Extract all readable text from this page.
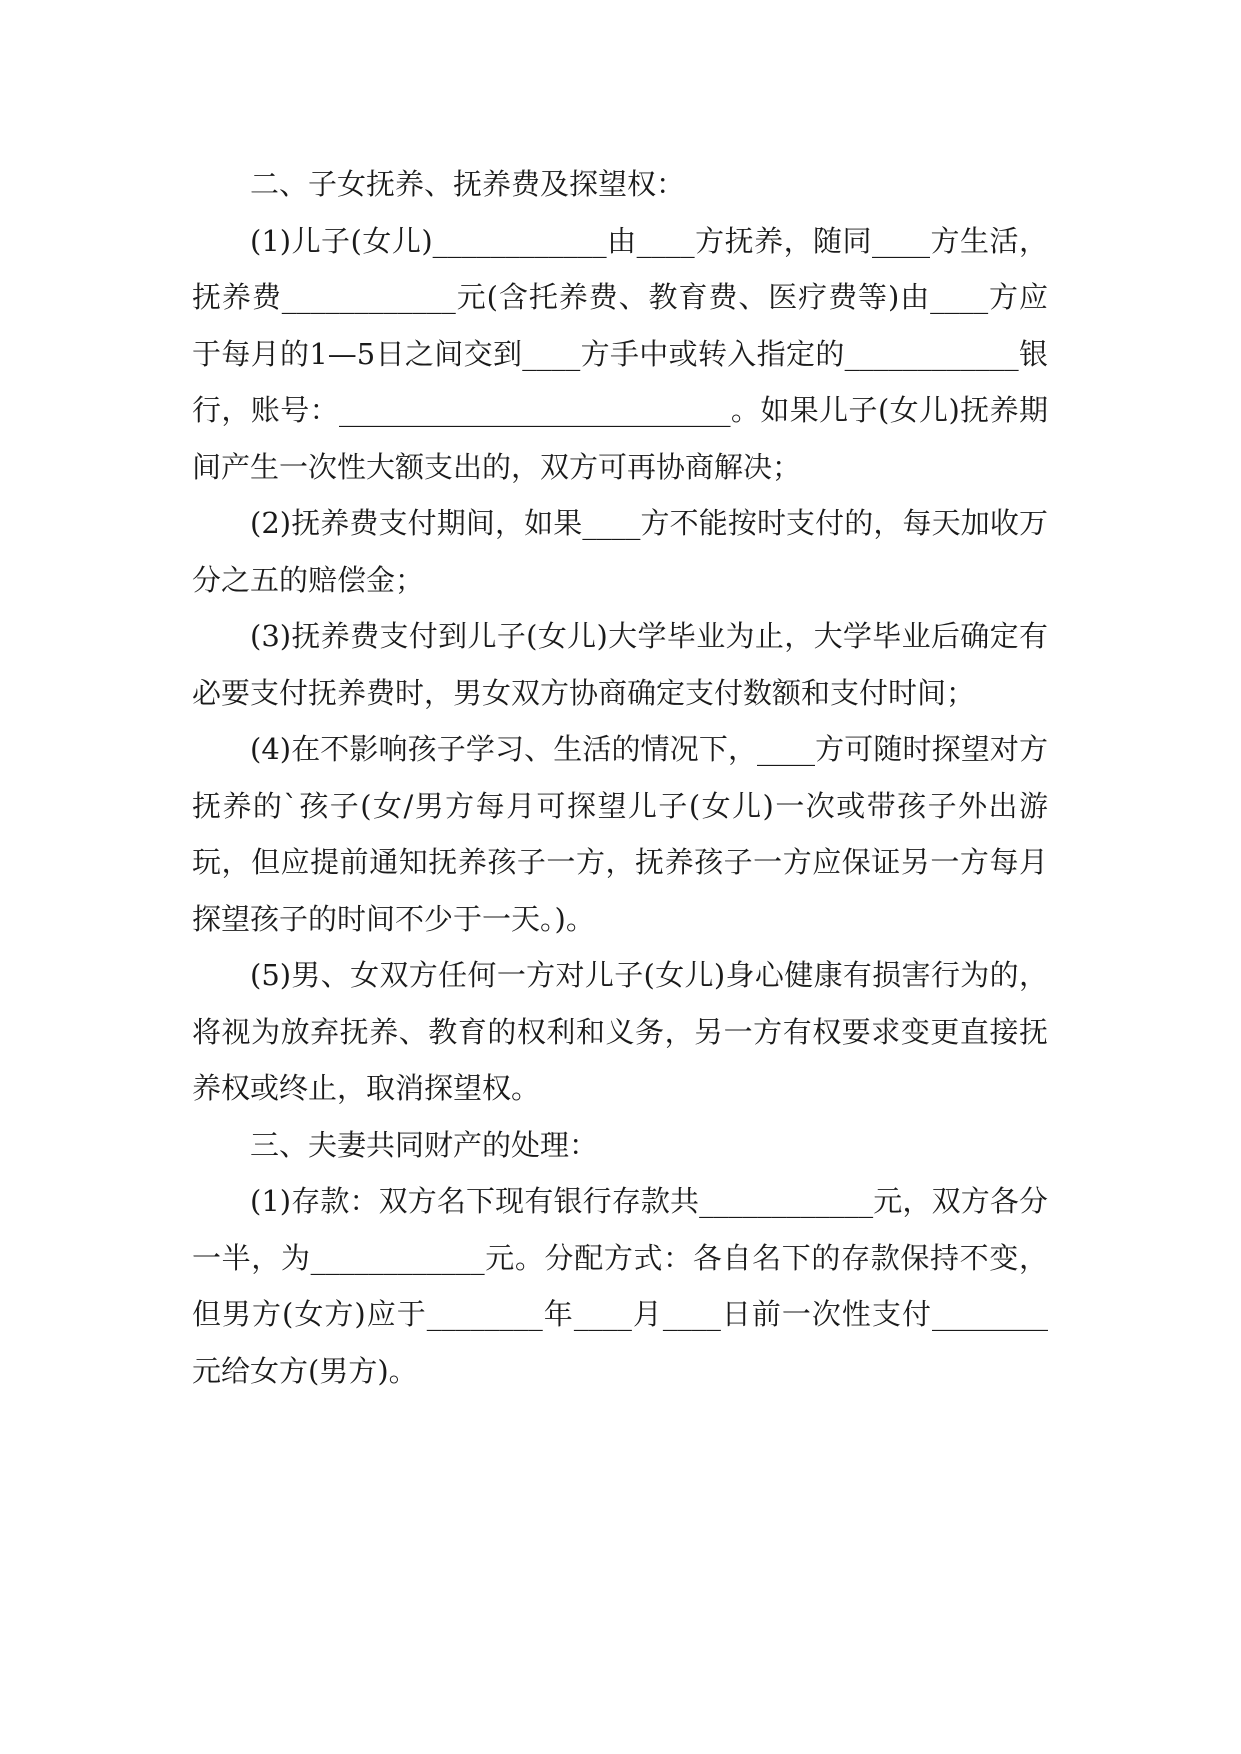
二、子女抚养、抚养费及探望权：

(1)儿子(女儿)____________由____方抚养，随同____方生活，抚养费____________元(含托养费、教育费、医疗费等)由____方应于每月的1—5日之间交到____方手中或转入指定的____________银行，账号：___________________________。如果儿子(女儿)抚养期间产生一次性大额支出的，双方可再协商解决；

(2)抚养费支付期间，如果____方不能按时支付的，每天加收万分之五的赔偿金；

(3)抚养费支付到儿子(女儿)大学毕业为止，大学毕业后确定有必要支付抚养费时，男女双方协商确定支付数额和支付时间；

(4)在不影响孩子学习、生活的情况下，____方可随时探望对方抚养的`孩子(女/男方每月可探望儿子(女儿)一次或带孩子外出游玩，但应提前通知抚养孩子一方，抚养孩子一方应保证另一方每月探望孩子的时间不少于一天。)。

(5)男、女双方任何一方对儿子(女儿)身心健康有损害行为的，将视为放弃抚养、教育的权利和义务，另一方有权要求变更直接抚养权或终止，取消探望权。

三、夫妻共同财产的处理：

(1)存款：双方名下现有银行存款共____________元，双方各分一半，为____________元。分配方式：各自名下的存款保持不变，但男方(女方)应于________年____月____日前一次性支付________元给女方(男方)。
